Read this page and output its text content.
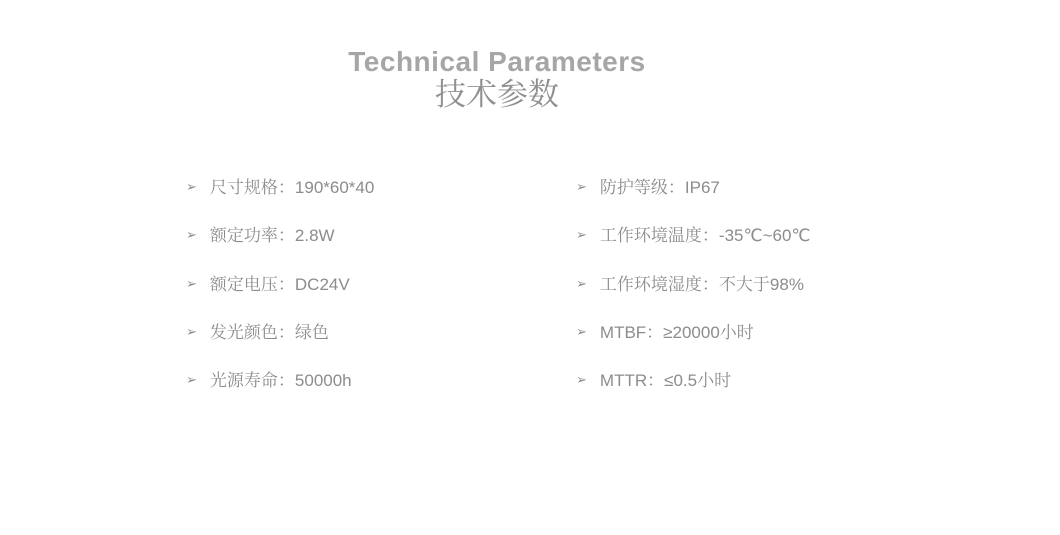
Technical Parameters
技术参数
➢ 尺寸规格：190*60*40
➢ 额定功率：2.8W
➢ 额定电压：DC24V
➢ 发光颜色：绿色
➢ 光源寿命：50000h
➢ 防护等级：IP67
➢ 工作环境温度：-35℃~60℃
➢ 工作环境湿度：不大于98%
➢ MTBF：≥20000小时
➢ MTTR：≤0.5小时
